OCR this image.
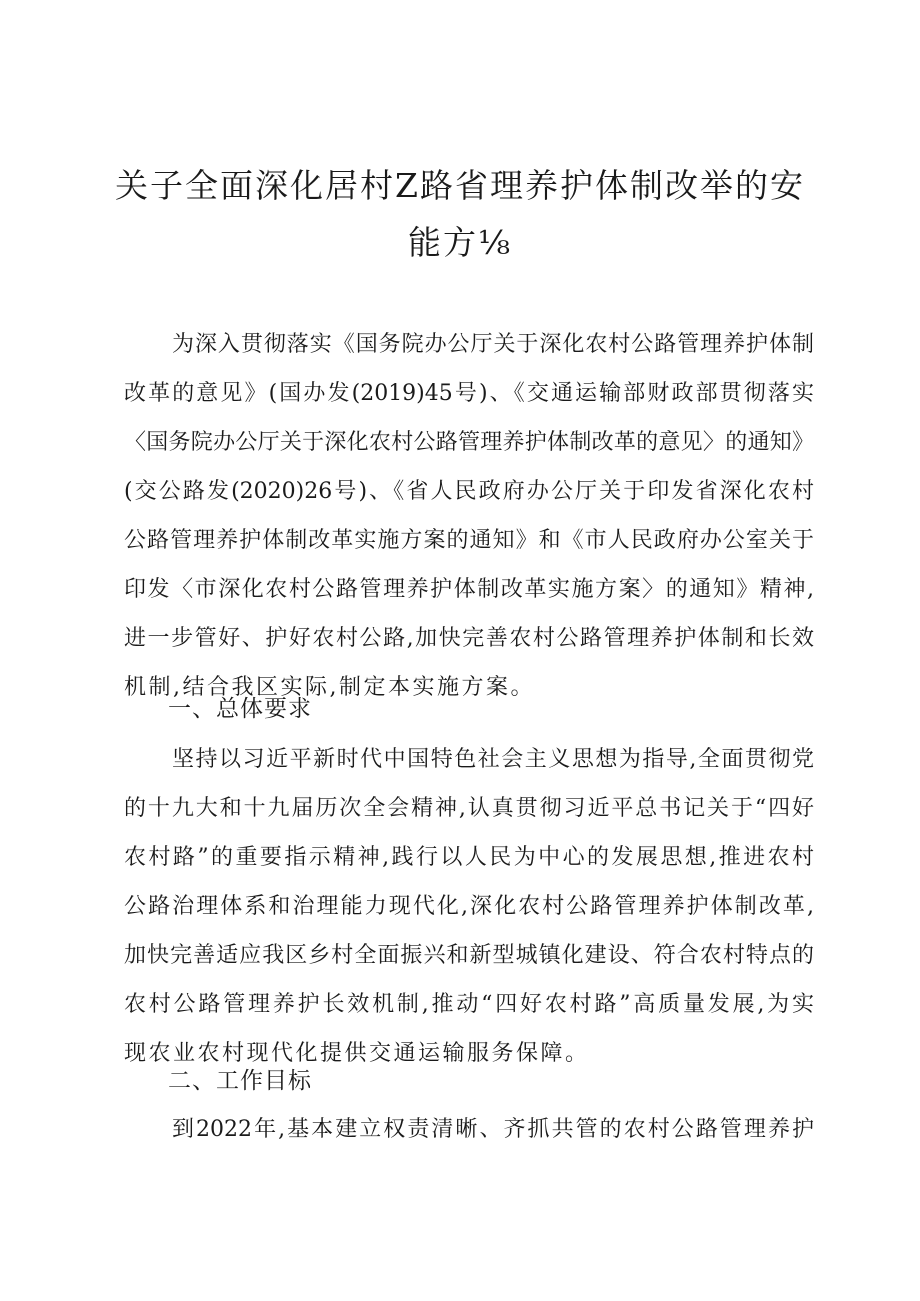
关子全面深化居村Z路省理养护体制改举的安
能方⅛
为深入贯彻落实《国务院办公厅关于深化农村公路管理养护体制
改革的意见》(国办发(2019)45号)、《交通运输部财政部贯彻落实
〈国务院办公厅关于深化农村公路管理养护体制改革的意见〉的通知》
(交公路发(2020)26号)、《省人民政府办公厅关于印发省深化农村
公路管理养护体制改革实施方案的通知》和《市人民政府办公室关于
印发〈市深化农村公路管理养护体制改革实施方案〉的通知》精神,
进一步管好、护好农村公路,加快完善农村公路管理养护体制和长效
机制,结合我区实际,制定本实施方案。
一、总体要求
坚持以习近平新时代中国特色社会主义思想为指导,全面贯彻党
的十九大和十九届历次全会精神,认真贯彻习近平总书记关于“四好
农村路”的重要指示精神,践行以人民为中心的发展思想,推进农村
公路治理体系和治理能力现代化,深化农村公路管理养护体制改革,
加快完善适应我区乡村全面振兴和新型城镇化建设、符合农村特点的
农村公路管理养护长效机制,推动“四好农村路”高质量发展,为实
现农业农村现代化提供交通运输服务保障。
二、工作目标
到2022年,基本建立权责清晰、齐抓共管的农村公路管理养护
